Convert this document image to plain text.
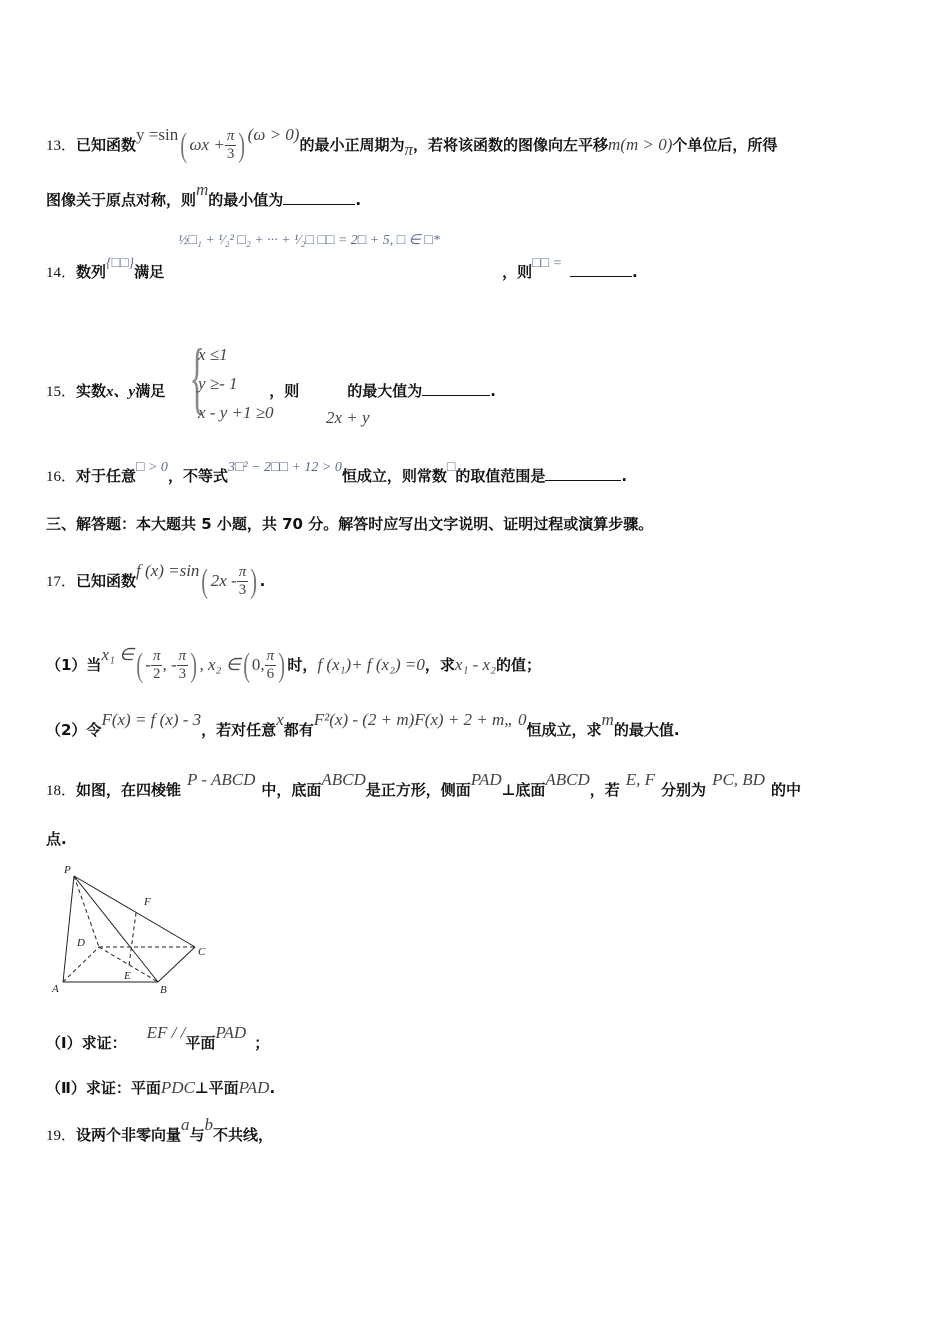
13．已知函数y =sin( $\omega x + \frac{\pi}{3}$ ) (ω > 0)的最小正周期为π，若将该函数的图像向左平移m(m > 0)个单位后，所得
图像关于原点对称，则m的最小值为	.
½□₁ + ¹⁄₂² □₂ + ··· + ¹⁄₂□ □□ = 2□ + 5, □ ∈ □*
14．数列{□□}满足	，则□□ =	.
{
x ≤1
y ≥- 1
x - y +1 ≥0	2x + y
15．实数x、y满足	，则	的最大值为	.
16．对于任意□ > 0，不等式3□² − 2□□ + 12 > 0恒成立，则常数□的取值范围是	.
三、解答题：本大题共 5 小题，共 70 分。解答时应写出文字说明、证明过程或演算步骤。
17．已知函数f (x) =sin( $2x - \frac{\pi}{3}$ ) .
（1）当x₁ ∈( - $\frac{\pi}{2}$ , - $\frac{\pi}{3}$ ) , x₂ ∈( 0, $\frac{\pi}{6}$ ) 时，f (x₁)+ f (x₂) =0，求x₁ - x₂的值；
（2）令F(x) = f (x) - 3，若对任意x都有F²(x) - (2 + m)F(x) + 2 + m„ 0恒成立，求m的最大值.
18．如图，在四棱锥P - ABCD中，底面ABCD是正方形，侧面PAD⊥底面ABCD，若E, F分别为PC, BD的中
点.
P
F
D
C
E
A	B
（Ⅰ）求证：EF / /平面PAD；
（Ⅱ）求证：平面PDC⊥平面PAD.
19．设两个非零向量a与b不共线，
